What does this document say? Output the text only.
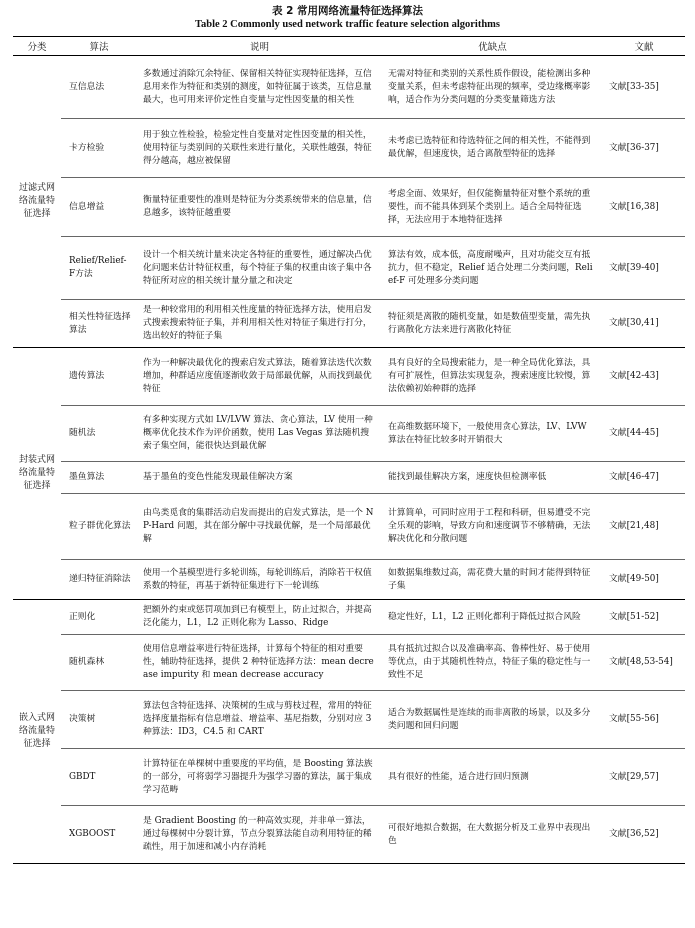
表 2 常用网络流量特征选择算法
Table 2 Commonly used network traffic feature selection algorithms
分类	算法	说明	优缺点	文献
过滤式网络流量特征选择	互信息法	多数通过消除冗余特征、保留相关特征实现特征选择，互信息用来作为特征和类别的测度，如特征属于该类，互信息量最大，也可用来评价定性自变量与定性因变量的相关性	无需对特征和类别的关系性质作假设，能检测出多种变量关系，但未考虑特征出现的频率，受边缘概率影响，适合作为分类问题的分类变量筛选方法	文献[33-35]
	卡方检验	用于独立性检验，检验定性自变量对定性因变量的相关性，使用特征与类别间的关联性来进行量化，关联性越强，特征得分越高，越应被保留	未考虑已选特征和待选特征之间的相关性，不能得到最优解，但速度快，适合离散型特征的选择	文献[36-37]
	信息增益	衡量特征重要性的准则是特征为分类系统带来的信息量，信息越多，该特征越重要	考虑全面、效果好，但仅能衡量特征对整个系统的重要性，而不能具体到某个类别上。适合全局特征选择，无法应用于本地特征选择	文献[16,38]
	Relief/Relief-F方法	设计一个相关统计量来决定各特征的重要性，通过解决凸优化问题来估计特征权重，每个特征子集的权重由该子集中各特征所对应的相关统计量分量之和决定	算法有效，成本低，高度耐噪声，且对功能交互有抵抗力，但不稳定，Relief 适合处理二分类问题，Relief-F 可处理多分类问题	文献[39-40]
	相关性特征选择算法	是一种较常用的利用相关性度量的特征选择方法，使用启发式搜索搜索特征子集，并利用相关性对特征子集进行打分，选出较好的特征子集	特征须是离散的随机变量，如是数值型变量，需先执行离散化方法来进行离散化特征	文献[30,41]
封装式网络流量特征选择	遗传算法	作为一种解决最优化的搜索启发式算法，随着算法迭代次数增加，种群适应度值逐渐收敛于局部最优解，从而找到最优特征	具有良好的全局搜索能力，是一种全局优化算法，具有可扩展性，但算法实现复杂，搜索速度比较慢，算法依赖初始种群的选择	文献[42-43]
	随机法	有多种实现方式如 LV/LVW 算法、贪心算法，LV 使用一种概率优化技术作为评价函数，使用 Las Vegas 算法随机搜索子集空间，能很快达到最优解	在高维数据环境下，一般使用贪心算法，LV、LVW 算法在特征比较多时开销很大	文献[44-45]
	墨鱼算法	基于墨鱼的变色性能发现最佳解决方案	能找到最佳解决方案，速度快但检测率低	文献[46-47]
	粒子群优化算法	由鸟类觅食的集群活动启发而提出的启发式算法，是一个 NP-Hard 问题，其在部分解中寻找最优解，是一个局部最优解	计算简单，可同时应用于工程和科研，但易遭受不完全乐观的影响，导致方向和速度调节不够精确，无法解决优化和分散问题	文献[21,48]
	递归特征消除法	使用一个基模型进行多轮训练，每轮训练后，消除若干权值系数的特征，再基于新特征集进行下一轮训练	如数据集维数过高，需花费大量的时间才能得到特征子集	文献[49-50]
嵌入式网络流量特征选择	正则化	把额外约束或惩罚项加到已有模型上，防止过拟合，并提高泛化能力，L1，L2 正则化称为 Lasso、Ridge	稳定性好，L1，L2 正则化都利于降低过拟合风险	文献[51-52]
	随机森林	使用信息增益率进行特征选择，计算每个特征的相对重要性，辅助特征选择，提供 2 种特征选择方法：mean decrease impurity 和 mean decrease accuracy	具有抵抗过拟合以及准确率高、鲁棒性好、易于使用等优点，由于其随机性特点，特征子集的稳定性与一致性不足	文献[48,53-54]
	决策树	算法包含特征选择、决策树的生成与剪枝过程，常用的特征选择度量指标有信息增益、增益率、基尼指数，分别对应 3 种算法：ID3，C4.5 和 CART	适合为数据属性是连续的而非离散的场景，以及多分类问题和回归问题	文献[55-56]
	GBDT	计算特征在单棵树中重要度的平均值，是 Boosting 算法族的一部分，可将弱学习器提升为强学习器的算法，属于集成学习范畴	具有很好的性能，适合进行回归预测	文献[29,57]
	XGBOOST	是 Gradient Boosting 的一种高效实现，并非单一算法，通过每棵树中分裂计算，节点分裂算法能自动利用特征的稀疏性，用于加速和减小内存消耗	可很好地拟合数据，在大数据分析及工业界中表现出色	文献[36,52]
